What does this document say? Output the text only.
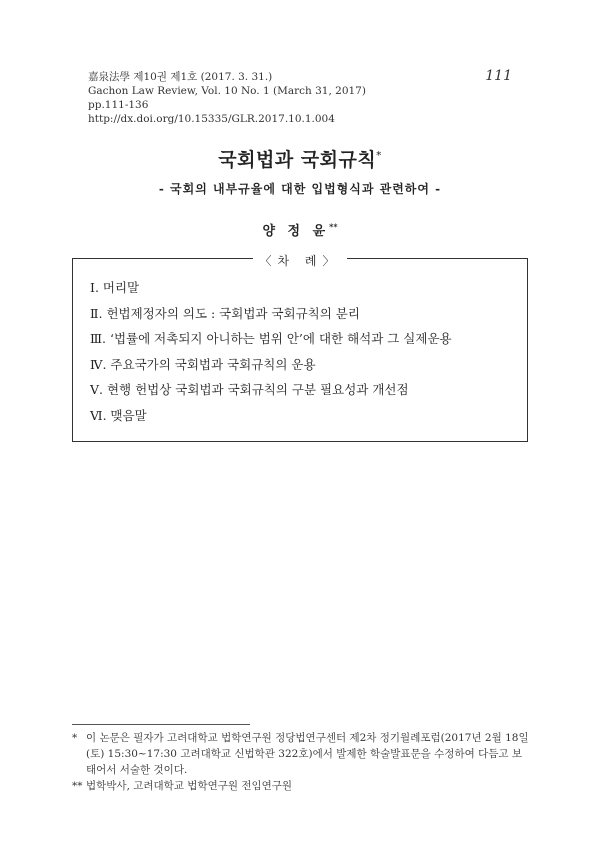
嘉泉法學 제10권 제1호 (2017. 3. 31.)
Gachon Law Review, Vol. 10 No. 1 (March 31, 2017)
pp.111-136
http://dx.doi.org/10.15335/GLR.2017.10.1.004
111
국회법과 국회규칙*
- 국회의 내부규율에 대한 입법형식과 관련하여 -
양 정 윤**
〈차 례〉
Ⅰ. 머리말
Ⅱ. 헌법제정자의 의도 : 국회법과 국회규칙의 분리
Ⅲ. ‘법률에 저촉되지 아니하는 범위 안’에 대한 해석과 그 실제운용
Ⅳ. 주요국가의 국회법과 국회규칙의 운용
Ⅴ. 현행 헌법상 국회법과 국회규칙의 구분 필요성과 개선점
Ⅵ. 맺음말
* 이 논문은 필자가 고려대학교 법학연구원 정당법연구센터 제2차 정기월례포럼(2017년 2월 18일 (토) 15:30~17:30 고려대학교 신법학관 322호)에서 발제한 학술발표문을 수정하여 다듬고 보태어서 서술한 것이다.
** 법학박사, 고려대학교 법학연구원 전임연구원
